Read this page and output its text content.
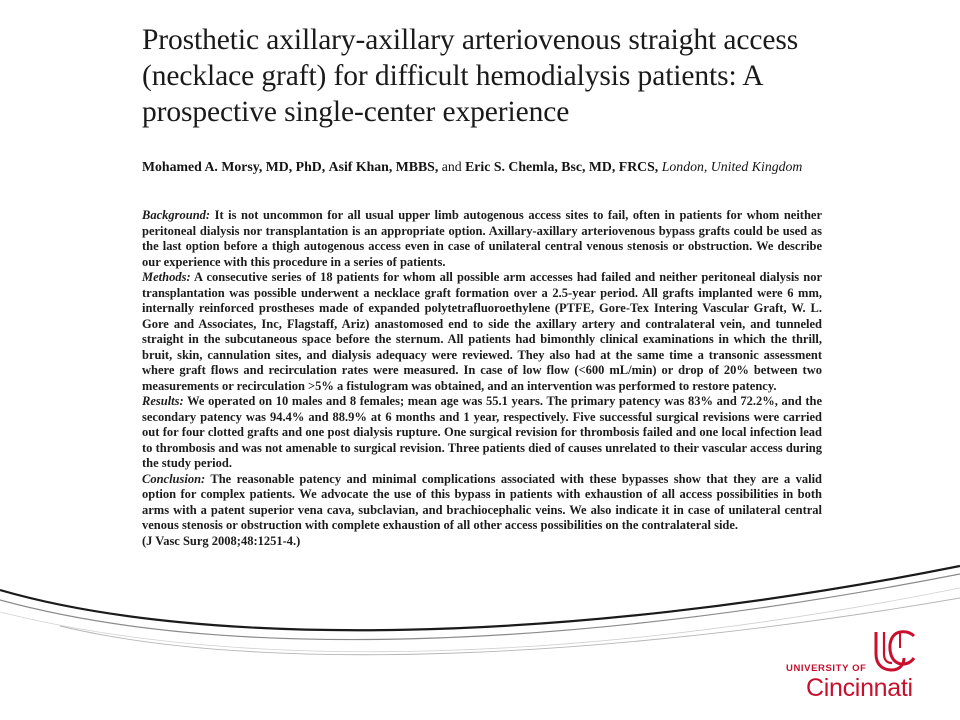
Prosthetic axillary-axillary arteriovenous straight access (necklace graft) for difficult hemodialysis patients: A prospective single-center experience
Mohamed A. Morsy, MD, PhD, Asif Khan, MBBS, and Eric S. Chemla, Bsc, MD, FRCS, London, United Kingdom

Background: It is not uncommon for all usual upper limb autogenous access sites to fail, often in patients for whom neither peritoneal dialysis nor transplantation is an appropriate option. Axillary-axillary arteriovenous bypass grafts could be used as the last option before a thigh autogenous access even in case of unilateral central venous stenosis or obstruction. We describe our experience with this procedure in a series of patients.

Methods: A consecutive series of 18 patients for whom all possible arm accesses had failed and neither peritoneal dialysis nor transplantation was possible underwent a necklace graft formation over a 2.5-year period. All grafts implanted were 6 mm, internally reinforced prostheses made of expanded polytetrafluoroethylene (PTFE, Gore-Tex Intering Vascular Graft, W. L. Gore and Associates, Inc, Flagstaff, Ariz) anastomosed end to side the axillary artery and contralateral vein, and tunneled straight in the subcutaneous space before the sternum. All patients had bimonthly clinical examinations in which the thrill, bruit, skin, cannulation sites, and dialysis adequacy were reviewed. They also had at the same time a transonic assessment where graft flows and recirculation rates were measured. In case of low flow (<600 mL/min) or drop of 20% between two measurements or recirculation >5% a fistulogram was obtained, and an intervention was performed to restore patency.

Results: We operated on 10 males and 8 females; mean age was 55.1 years. The primary patency was 83% and 72.2%, and the secondary patency was 94.4% and 88.9% at 6 months and 1 year, respectively. Five successful surgical revisions were carried out for four clotted grafts and one post dialysis rupture. One surgical revision for thrombosis failed and one local infection lead to thrombosis and was not amenable to surgical revision. Three patients died of causes unrelated to their vascular access during the study period.

Conclusion: The reasonable patency and minimal complications associated with these bypasses show that they are a valid option for complex patients. We advocate the use of this bypass in patients with exhaustion of all access possibilities in both arms with a patent superior vena cava, subclavian, and brachiocephalic veins. We also indicate it in case of unilateral central venous stenosis or obstruction with complete exhaustion of all other access possibilities on the contralateral side.
(J Vasc Surg 2008;48:1251-4.)

UNIVERSITY OF
Cincinnati
